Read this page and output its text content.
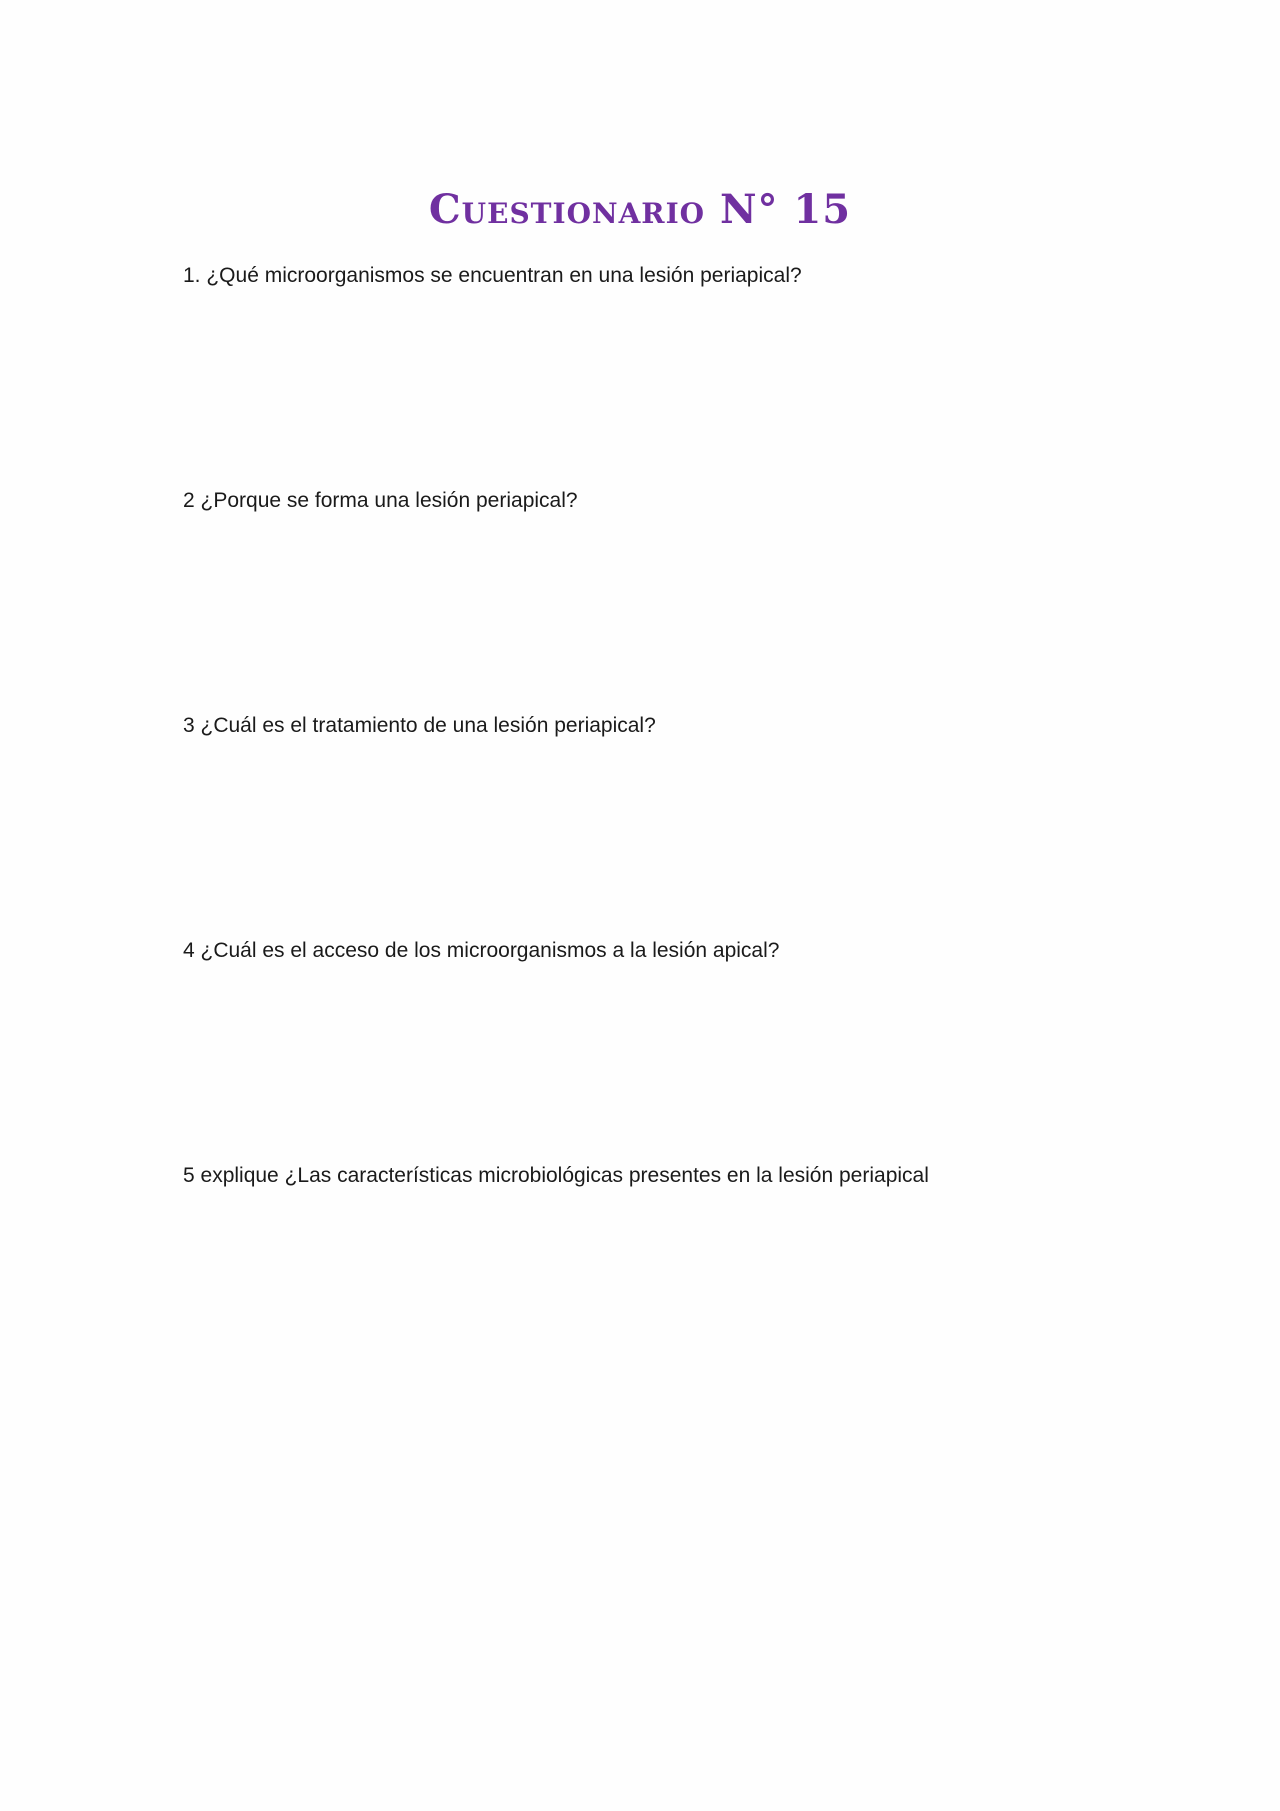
Cuestionario N° 15
1. ¿Qué microorganismos se encuentran en una lesión periapical?
2 ¿Porque se forma una lesión periapical?
3 ¿Cuál es el tratamiento de una lesión periapical?
4 ¿Cuál es el acceso de los microorganismos a la lesión apical?
5 explique ¿Las características microbiológicas presentes en la lesión periapical
